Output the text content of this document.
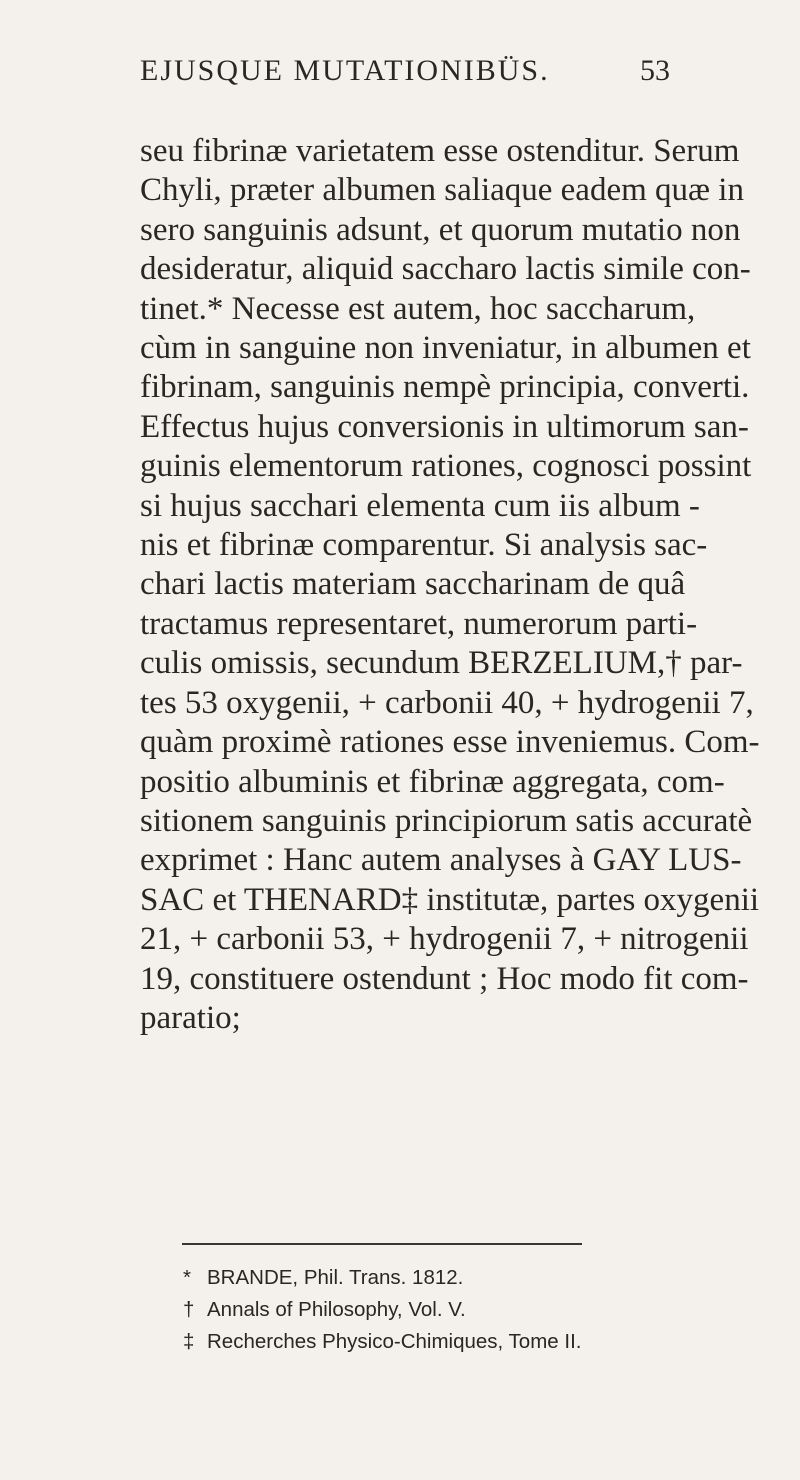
EJUSQUE MUTATIONIBÜS.	53
seu fibrinæ varietatem esse ostenditur. Serum
Chyli, præter albumen saliaque eadem quæ in
sero sanguinis adsunt, et quorum mutatio non
desideratur, aliquid saccharo lactis simile con-
tinet.* Necesse est autem, hoc saccharum,
cùm in sanguine non inveniatur, in albumen et
fibrinam, sanguinis nempè principia, converti.
Effectus hujus conversionis in ultimorum san-
guinis elementorum rationes, cognosci possint
si hujus sacchari elementa cum iis album -
nis et fibrinæ comparentur. Si analysis sac-
chari lactis materiam saccharinam de quâ
tractamus representaret, numerorum parti-
culis omissis, secundum BERZELIUM,† par-
tes 53 oxygenii, + carbonii 40, + hydrogenii 7,
quàm proximè rationes esse inveniemus. Com-
positio albuminis et fibrinæ aggregata, com-
sitionem sanguinis principiorum satis accuratè
exprimet : Hanc autem analyses à GAY LUS-
SAC et THENARD‡ institutæ, partes oxygenii
21, + carbonii 53, + hydrogenii 7, + nitrogenii
19, constituere ostendunt ; Hoc modo fit com-
paratio;
* BRANDE, Phil. Trans. 1812.
† Annals of Philosophy, Vol. V.
‡ Recherches Physico-Chimiques, Tome II.
